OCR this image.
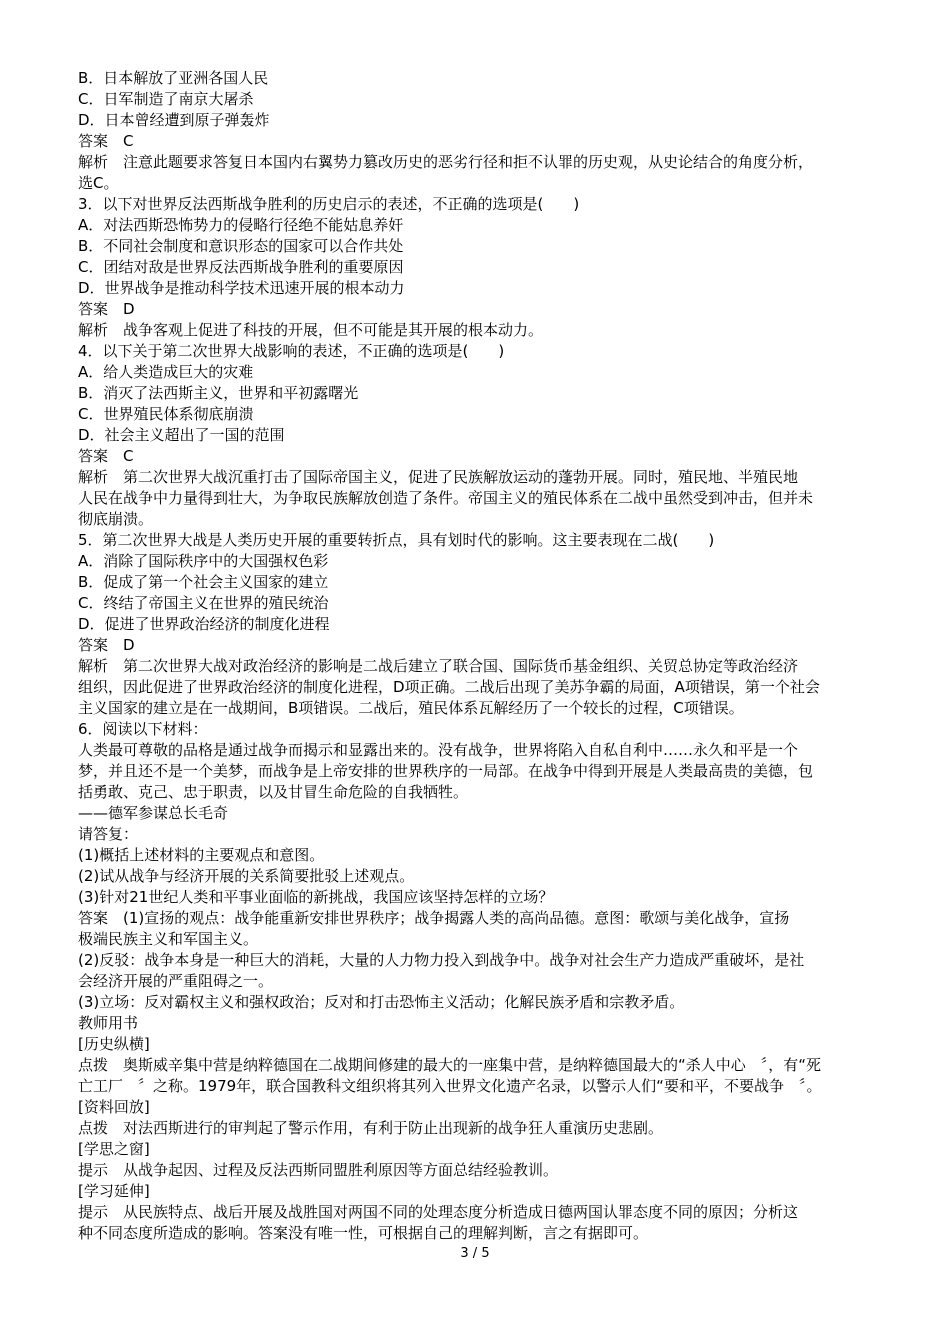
B．日本解放了亚洲各国人民

C．日军制造了南京大屠杀

D．日本曾经遭到原子弹轰炸

答案　C

解析　注意此题要求答复日本国内右翼势力篡改历史的恶劣行径和拒不认罪的历史观，从史论结合的角度分析，

选C。

3．以下对世界反法西斯战争胜利的历史启示的表述，不正确的选项是(　　)

A．对法西斯恐怖势力的侵略行径绝不能姑息养奸

B．不同社会制度和意识形态的国家可以合作共处

C．团结对敌是世界反法西斯战争胜利的重要原因

D．世界战争是推动科学技术迅速开展的根本动力

答案　D

解析　战争客观上促进了科技的开展，但不可能是其开展的根本动力。

4．以下关于第二次世界大战影响的表述，不正确的选项是(　　)

A．给人类造成巨大的灾难

B．消灭了法西斯主义，世界和平初露曙光

C．世界殖民体系彻底崩溃

D．社会主义超出了一国的范围

答案　C

解析　第二次世界大战沉重打击了国际帝国主义，促进了民族解放运动的蓬勃开展。同时，殖民地、半殖民地

人民在战争中力量得到壮大，为争取民族解放创造了条件。帝国主义的殖民体系在二战中虽然受到冲击，但并未

彻底崩溃。

5．第二次世界大战是人类历史开展的重要转折点，具有划时代的影响。这主要表现在二战(　　)

A．消除了国际秩序中的大国强权色彩

B．促成了第一个社会主义国家的建立

C．终结了帝国主义在世界的殖民统治

D．促进了世界政治经济的制度化进程

答案　D

解析　第二次世界大战对政治经济的影响是二战后建立了联合国、国际货币基金组织、关贸总协定等政治经济

组织，因此促进了世界政治经济的制度化进程，D项正确。二战后出现了美苏争霸的局面，A项错误，第一个社会

主义国家的建立是在一战期间，B项错误。二战后，殖民体系瓦解经历了一个较长的过程，C项错误。

6．阅读以下材料：

人类最可尊敬的品格是通过战争而揭示和显露出来的。没有战争，世界将陷入自私自利中……永久和平是一个

梦，并且还不是一个美梦，而战争是上帝安排的世界秩序的一局部。在战争中得到开展是人类最高贵的美德，包

括勇敢、克己、忠于职责，以及甘冒生命危险的自我牺牲。

——德军参谋总长毛奇

请答复：

(1)概括上述材料的主要观点和意图。

(2)试从战争与经济开展的关系简要批驳上述观点。

(3)针对21世纪人类和平事业面临的新挑战，我国应该坚持怎样的立场？

答案　(1)宣扬的观点：战争能重新安排世界秩序；战争揭露人类的高尚品德。意图：歌颂与美化战争，宣扬

极端民族主义和军国主义。

(2)反驳：战争本身是一种巨大的消耗，大量的人力物力投入到战争中。战争对社会生产力造成严重破坏，是社

会经济开展的严重阻碍之一。

(3)立场：反对霸权主义和强权政治；反对和打击恐怖主义活动；化解民族矛盾和宗教矛盾。

教师用书

[历史纵横]

点拨　奥斯威辛集中营是纳粹德国在二战期间修建的最大的一座集中营，是纳粹德国最大的“杀人中心　〞，有“死

亡工厂　〞之称。1979年，联合国教科文组织将其列入世界文化遗产名录，以警示人们“要和平，不要战争　〞。

[资料回放]

点拨　对法西斯进行的审判起了警示作用，有利于防止出现新的战争狂人重演历史悲剧。

[学思之窗]

提示　从战争起因、过程及反法西斯同盟胜利原因等方面总结经验教训。

[学习延伸]

提示　从民族特点、战后开展及战胜国对两国不同的处理态度分析造成日德两国认罪态度不同的原因；分析这

种不同态度所造成的影响。答案没有唯一性，可根据自己的理解判断，言之有据即可。

3 / 5
